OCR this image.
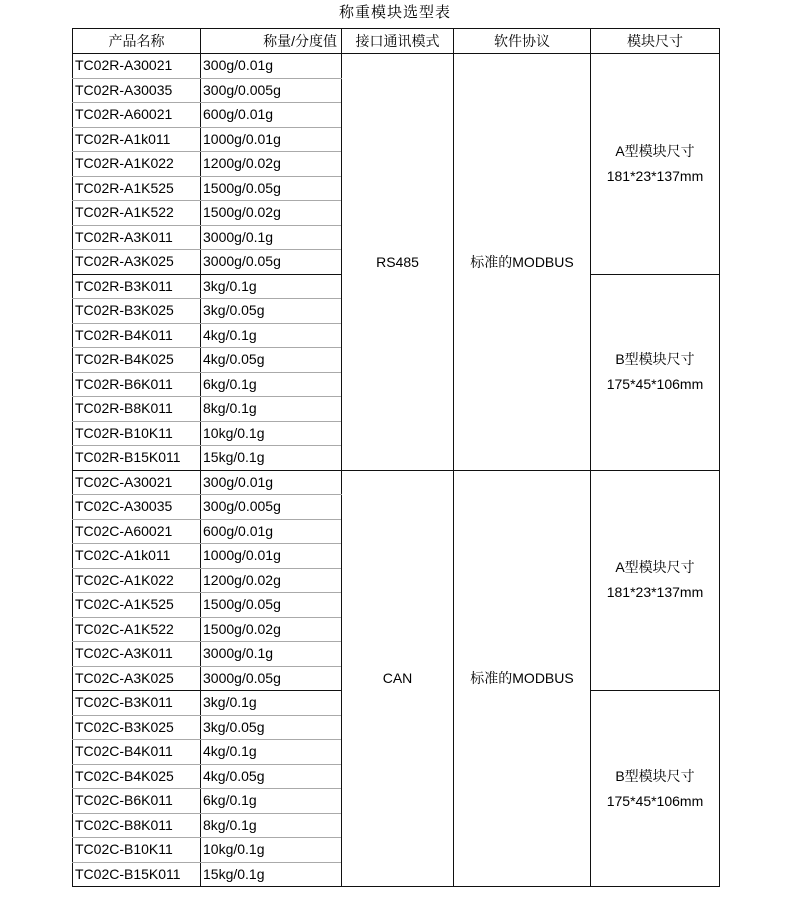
称重模块选型表
产品名称	称量/分度值	接口通讯模式	软件协议	模块尺寸
TC02R-A30021	300g/0.01g	RS485	标准的MODBUS	A型模块尺寸
181*23*137mm

TC02R-A30035	300g/0.005g			
TC02R-A60021	600g/0.01g			
TC02R-A1k011	1000g/0.01g			
TC02R-A1K022	1200g/0.02g			
TC02R-A1K525	1500g/0.05g			
TC02R-A1K522	1500g/0.02g			
TC02R-A3K011	3000g/0.1g			
TC02R-A3K025	3000g/0.05g			
TC02R-B3K011	3kg/0.1g			B型模块尺寸
175*45*106mm

TC02R-B3K025	3kg/0.05g			
TC02R-B4K011	4kg/0.1g			
TC02R-B4K025	4kg/0.05g			
TC02R-B6K011	6kg/0.1g			
TC02R-B8K011	8kg/0.1g			
TC02R-B10K11	10kg/0.1g			
TC02R-B15K011	15kg/0.1g			
TC02C-A30021	300g/0.01g	CAN	标准的MODBUS	A型模块尺寸
181*23*137mm

TC02C-A30035	300g/0.005g			
TC02C-A60021	600g/0.01g			
TC02C-A1k011	1000g/0.01g			
TC02C-A1K022	1200g/0.02g			
TC02C-A1K525	1500g/0.05g			
TC02C-A1K522	1500g/0.02g			
TC02C-A3K011	3000g/0.1g			
TC02C-A3K025	3000g/0.05g			
TC02C-B3K011	3kg/0.1g			B型模块尺寸
175*45*106mm

TC02C-B3K025	3kg/0.05g			
TC02C-B4K011	4kg/0.1g			
TC02C-B4K025	4kg/0.05g			
TC02C-B6K011	6kg/0.1g			
TC02C-B8K011	8kg/0.1g			
TC02C-B10K11	10kg/0.1g			
TC02C-B15K011	15kg/0.1g			
